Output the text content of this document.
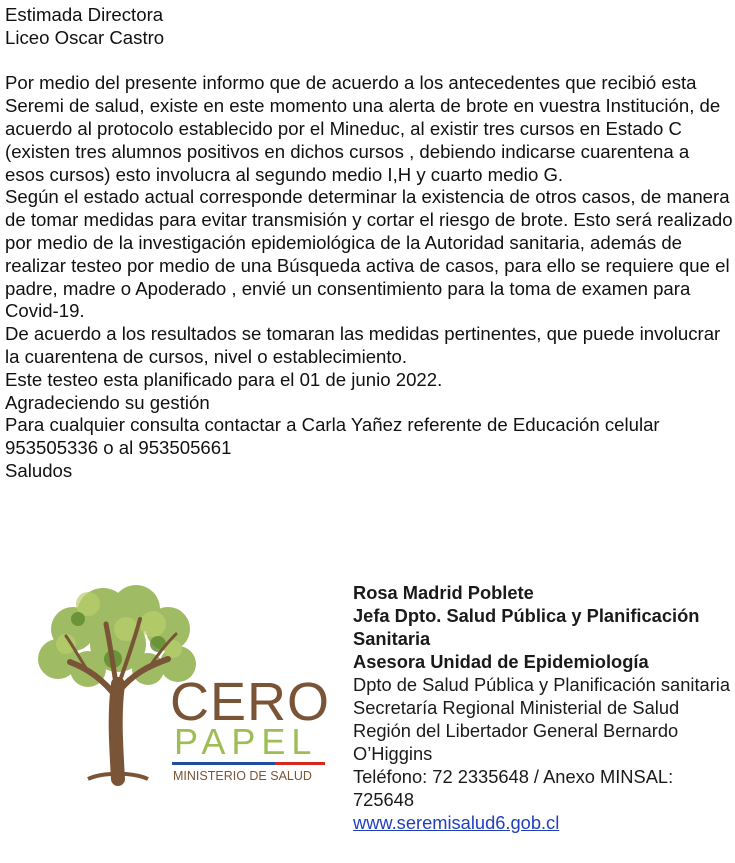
Estimada Directora

Liceo Oscar Castro

Por medio del presente informo que de acuerdo a los antecedentes que recibió esta Seremi de salud, existe en este momento una alerta de brote en vuestra Institución, de acuerdo al protocolo establecido por el Mineduc, al existir tres cursos en Estado C (existen tres alumnos positivos en dichos cursos , debiendo indicarse cuarentena a esos cursos) esto involucra al segundo medio I,H y cuarto medio G.

Según el estado actual corresponde determinar la existencia de otros casos, de manera de tomar medidas para evitar transmisión y cortar el riesgo de brote. Esto será realizado por medio de la investigación epidemiológica de la Autoridad sanitaria, además de realizar testeo por medio de una Búsqueda activa de casos, para ello se requiere que el padre, madre o Apoderado , envié un consentimiento para la toma de examen para Covid-19.

De acuerdo a los resultados se tomaran las medidas pertinentes, que puede involucrar la cuarentena de cursos, nivel o establecimiento.

Este testeo esta planificado para el 01 de junio 2022.

Agradeciendo su gestión

Para cualquier consulta contactar a Carla Yañez referente de Educación celular 953505336 o al 953505661

Saludos

CERO
PAPEL
MINISTERIO DE SALUD
Rosa Madrid Poblete
Jefa Dpto. Salud Pública y Planificación Sanitaria
Asesora Unidad de Epidemiología
Dpto de Salud Pública y Planificación sanitaria
Secretaría Regional Ministerial de Salud
Región del Libertador General Bernardo O’Higgins
Teléfono: 72 2335648 / Anexo MINSAL: 725648
www.seremisalud6.gob.cl
